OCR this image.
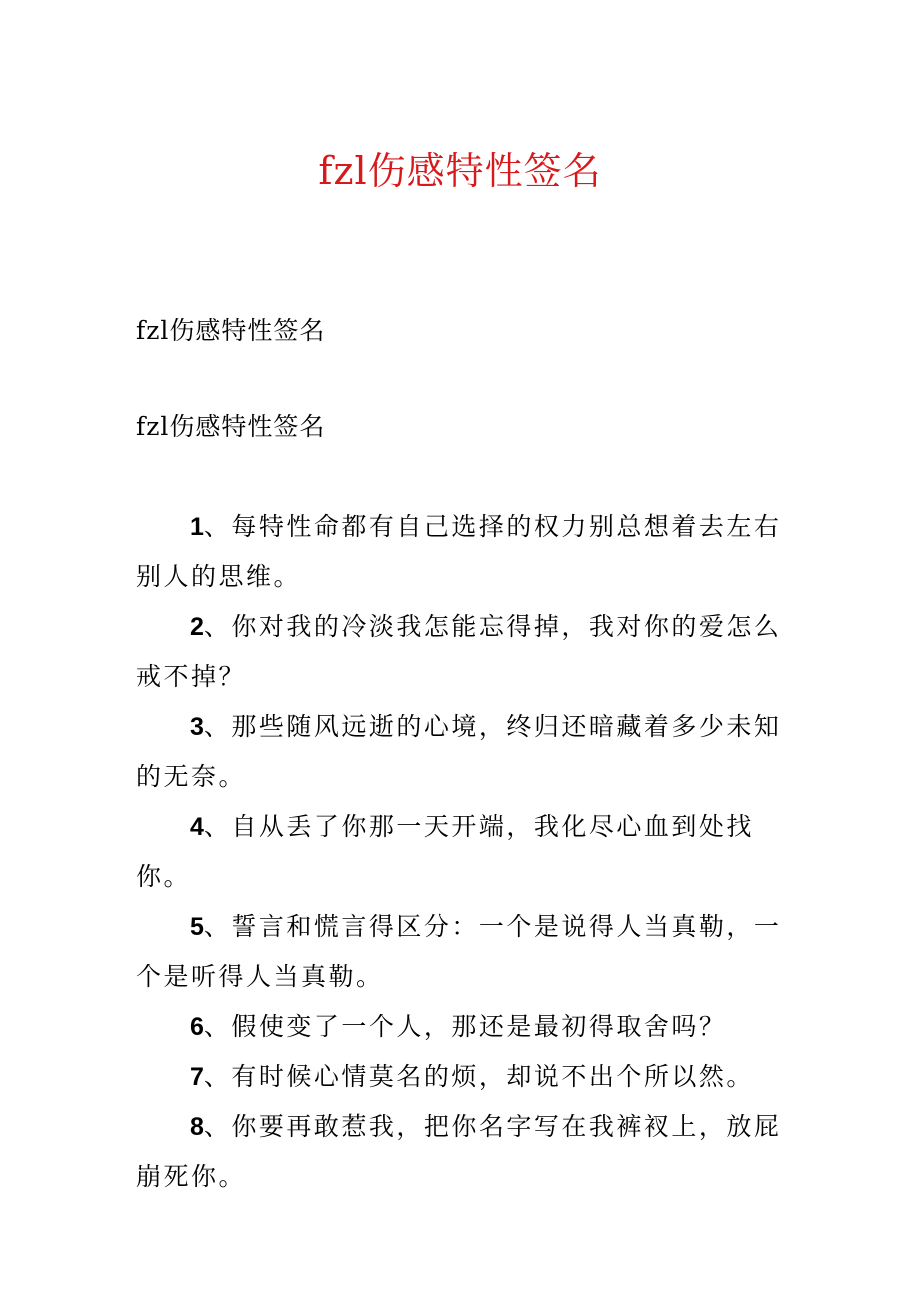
fzl伤感特性签名
fzl伤感特性签名
fzl伤感特性签名

1、每特性命都有自己选择的权力别总想着去左右别人的思维。

2、你对我的冷淡我怎能忘得掉，我对你的爱怎么戒不掉？

3、那些随风远逝的心境，终归还暗藏着多少未知的无奈。

4、自从丢了你那一天开端，我化尽心血到处找你。

5、誓言和慌言得区分：一个是说得人当真勒，一个是听得人当真勒。

6、假使变了一个人，那还是最初得取舍吗？

7、有时候心情莫名的烦，却说不出个所以然。

8、你要再敢惹我，把你名字写在我裤衩上，放屁崩死你。
